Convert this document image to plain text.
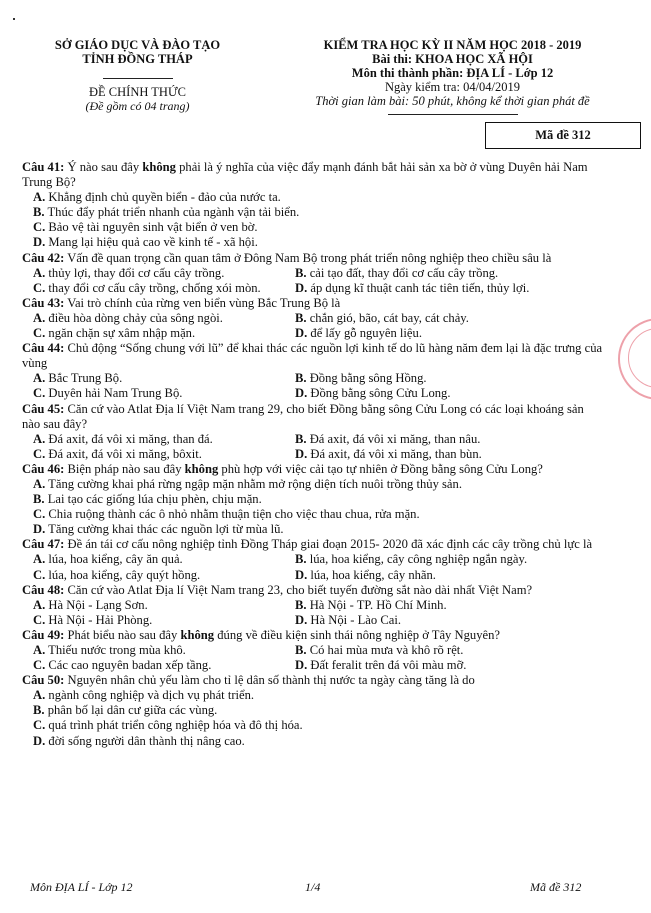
SỞ GIÁO DỤC VÀ ĐÀO TẠO
TỈNH ĐỒNG THÁP
ĐỀ CHÍNH THỨC
(Đề gồm có 04 trang)
KIỂM TRA HỌC KỲ II NĂM HỌC 2018 - 2019
Bài thi: KHOA HỌC XÃ HỘI
Môn thi thành phần: ĐỊA LÍ - Lớp 12
Ngày kiểm tra: 04/04/2019
Thời gian làm bài: 50 phút, không kể thời gian phát đề
Mã đề 312
Câu 41: Ý nào sau đây không phải là ý nghĩa của việc đẩy mạnh đánh bắt hải sản xa bờ ở vùng Duyên hải Nam Trung Bộ?
A. Khẳng định chủ quyền biển - đảo của nước ta.
B. Thúc đẩy phát triển nhanh của ngành vận tải biển.
C. Bảo vệ tài nguyên sinh vật biển ở ven bờ.
D. Mang lại hiệu quả cao về kinh tế - xã hội.
Câu 42: Vấn đề quan trọng cần quan tâm ở Đông Nam Bộ trong phát triển nông nghiệp theo chiều sâu là
A. thủy lợi, thay đổi cơ cấu cây trồng.	B. cải tạo đất, thay đổi cơ cấu cây trồng.
C. thay đổi cơ cấu cây trồng, chống xói mòn.	D. áp dụng kĩ thuật canh tác tiên tiến, thủy lợi.
Câu 43: Vai trò chính của rừng ven biển vùng Bắc Trung Bộ là
A. điều hòa dòng chảy của sông ngòi.	B. chắn gió, bão, cát bay, cát chảy.
C. ngăn chặn sự xâm nhập mặn.	D. để lấy gỗ nguyên liệu.
Câu 44: Chủ động “Sống chung với lũ” để khai thác các nguồn lợi kinh tế do lũ hàng năm đem lại là đặc trưng của vùng
A. Bắc Trung Bộ.	B. Đồng bằng sông Hồng.
C. Duyên hải Nam Trung Bộ.	D. Đồng bằng sông Cửu Long.
Câu 45: Căn cứ vào Atlat Địa lí Việt Nam trang 29, cho biết Đồng bằng sông Cửu Long có các loại khoáng sản nào sau đây?
A. Đá axit, đá vôi xi măng, than đá.	B. Đá axit, đá vôi xi măng, than nâu.
C. Đá axit, đá vôi xi măng, bôxit.	D. Đá axit, đá vôi xi măng, than bùn.
Câu 46: Biện pháp nào sau đây không phù hợp với việc cải tạo tự nhiên ở Đồng bằng sông Cửu Long?
A. Tăng cường khai phá rừng ngập mặn nhằm mở rộng diện tích nuôi trồng thủy sản.
B. Lai tạo các giống lúa chịu phèn, chịu mặn.
C. Chia ruộng thành các ô nhỏ nhằm thuận tiện cho việc thau chua, rửa mặn.
D. Tăng cường khai thác các nguồn lợi từ mùa lũ.
Câu 47: Đề án tái cơ cấu nông nghiệp tỉnh Đồng Tháp giai đoạn 2015- 2020 đã xác định các cây trồng chủ lực là
A. lúa, hoa kiểng, cây ăn quả.	B. lúa, hoa kiểng, cây công nghiệp ngắn ngày.
C. lúa, hoa kiểng, cây quýt hồng.	D. lúa, hoa kiểng, cây nhãn.
Câu 48: Căn cứ vào Atlat Địa lí Việt Nam trang 23, cho biết tuyến đường sắt nào dài nhất Việt Nam?
A. Hà Nội - Lạng Sơn.	B. Hà Nội - TP. Hồ Chí Minh.
C. Hà Nội - Hải Phòng.	D. Hà Nội - Lào Cai.
Câu 49: Phát biểu nào sau đây không đúng về điều kiện sinh thái nông nghiệp ở Tây Nguyên?
A. Thiếu nước trong mùa khô.	B. Có hai mùa mưa và khô rõ rệt.
C. Các cao nguyên badan xếp tầng.	D. Đất feralit trên đá vôi màu mỡ.
Câu 50: Nguyên nhân chủ yếu làm cho tỉ lệ dân số thành thị nước ta ngày càng tăng là do
A. ngành công nghiệp và dịch vụ phát triển.
B. phân bố lại dân cư giữa các vùng.
C. quá trình phát triển công nghiệp hóa và đô thị hóa.
D. đời sống người dân thành thị nâng cao.
Môn ĐỊA LÍ - Lớp 12	1/4	Mã đề 312
